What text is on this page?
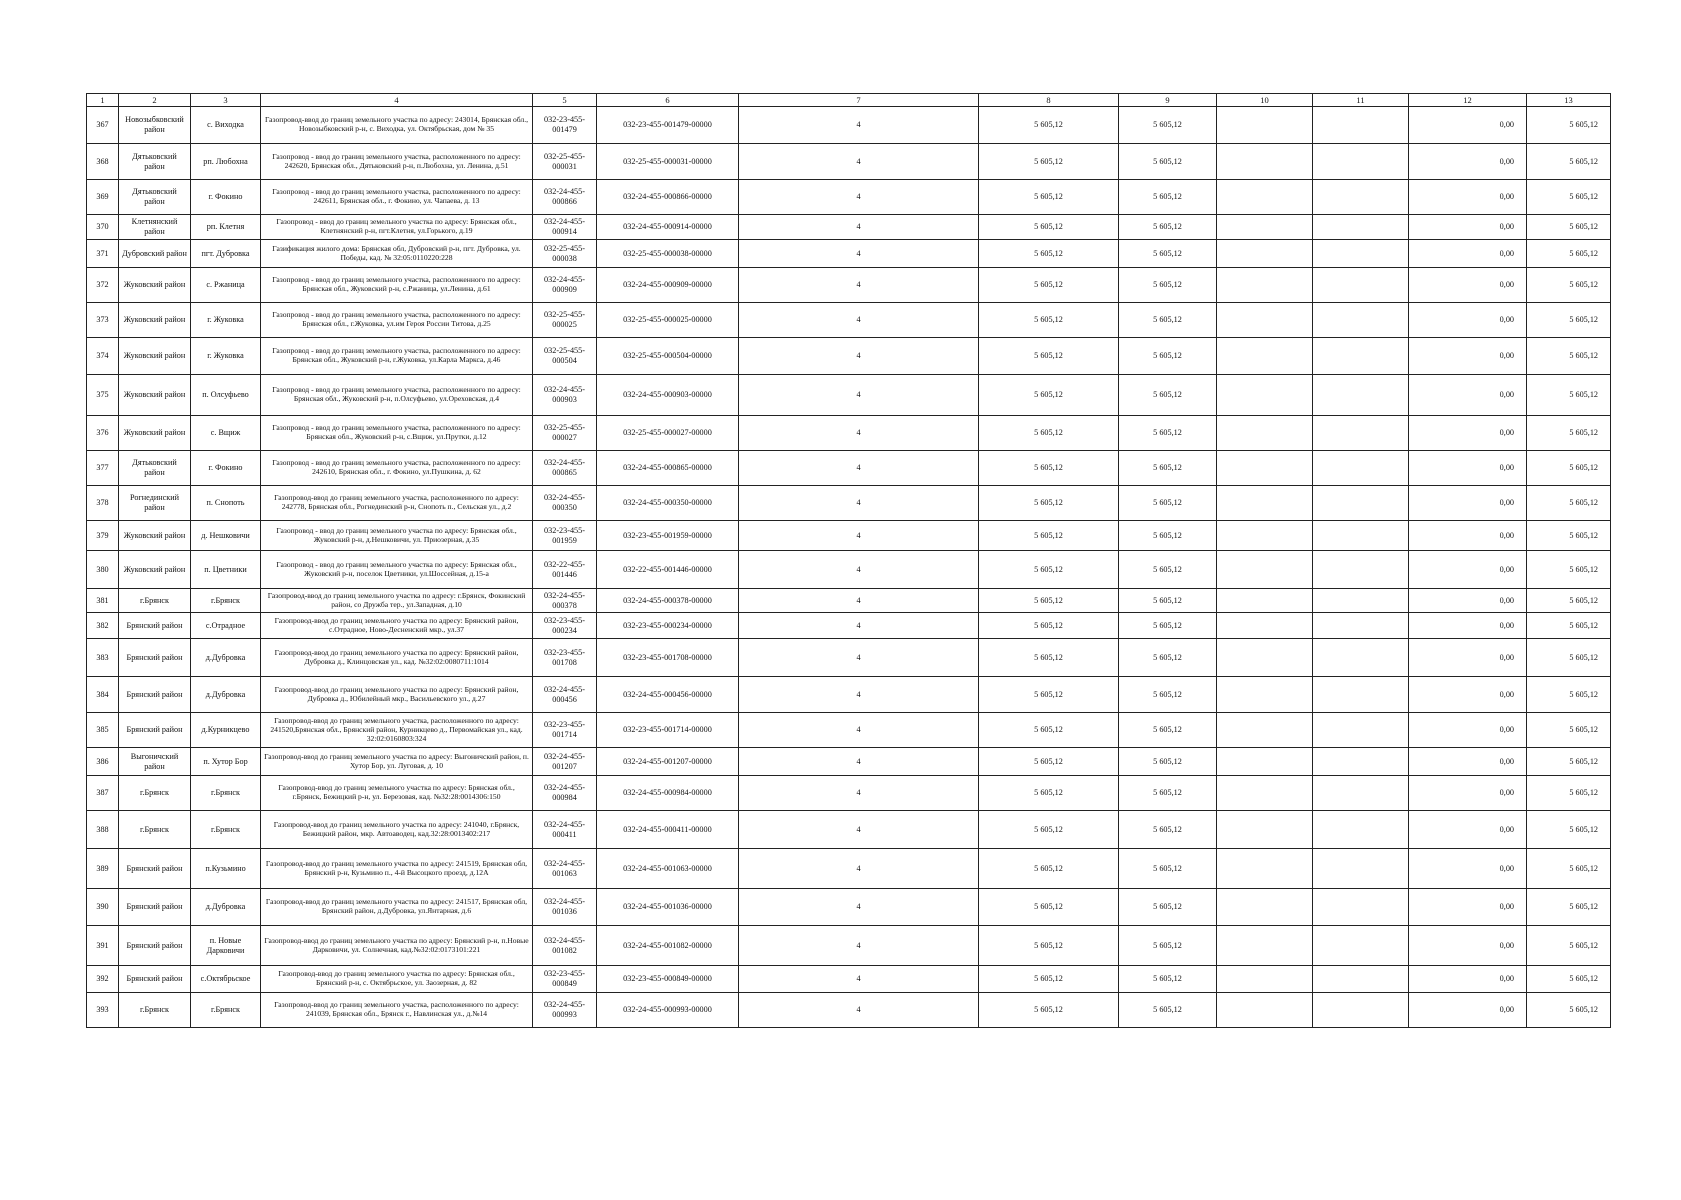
1	2	3	4	5	6	7	8	9	10	11	12	13
367	Новозыбковский район	с. Виходка	Газопровод-ввод до границ земельного участка по адресу: 243014, Брянская обл., Новозыбковский р-н, с. Виходка, ул. Октябрьская, дом № 35	032-23-455-001479	032-23-455-001479-00000	4	5 605,12	5 605,12			0,00	5 605,12
368	Дятьковский район	рп. Любохна	Газопровод - ввод до границ земельного участка, расположенного по адресу: 242620, Брянская обл., Дятьковский р-н, п.Любохна, ул. Ленина, д.51	032-25-455-000031	032-25-455-000031-00000	4	5 605,12	5 605,12			0,00	5 605,12
369	Дятьковский район	г. Фокино	Газопровод - ввод до границ земельного участка, расположенного по адресу: 242611, Брянская обл., г. Фокино, ул. Чапаева, д. 13	032-24-455-000866	032-24-455-000866-00000	4	5 605,12	5 605,12			0,00	5 605,12
370	Клетнянский район	рп. Клетня	Газопровод - ввод до границ земельного участка по адресу: Брянская обл., Клетнянский р-н, пгт.Клетня, ул.Горького, д.19	032-24-455-000914	032-24-455-000914-00000	4	5 605,12	5 605,12			0,00	5 605,12
371	Дубровский район	пгт. Дубровка	Газификация жилого дома: Брянская обл, Дубровский р-н, пгт. Дубровка, ул. Победы, кад. № 32:05:0110220:228	032-25-455-000038	032-25-455-000038-00000	4	5 605,12	5 605,12			0,00	5 605,12
372	Жуковский район	с. Ржаница	Газопровод - ввод до границ земельного участка, расположенного по адресу: Брянская обл., Жуковский р-н, с.Ржаница, ул.Ленина, д.61	032-24-455-000909	032-24-455-000909-00000	4	5 605,12	5 605,12			0,00	5 605,12
373	Жуковский район	г. Жуковка	Газопровод - ввод до границ земельного участка, расположенного по адресу: Брянская обл., г.Жуковка, ул.им Героя России Титова, д.25	032-25-455-000025	032-25-455-000025-00000	4	5 605,12	5 605,12			0,00	5 605,12
374	Жуковский район	г. Жуковка	Газопровод - ввод до границ земельного участка, расположенного по адресу: Брянская обл., Жуковский р-н, г.Жуковка, ул.Карла Маркса, д.46	032-25-455-000504	032-25-455-000504-00000	4	5 605,12	5 605,12			0,00	5 605,12
375	Жуковский район	п. Олсуфьево	Газопровод - ввод до границ земельного участка, расположенного по адресу: Брянская обл., Жуковский р-н, п.Олсуфьево, ул.Ореховская, д.4	032-24-455-000903	032-24-455-000903-00000	4	5 605,12	5 605,12			0,00	5 605,12
376	Жуковский район	с. Вщиж	Газопровод - ввод до границ земельного участка, расположенного по адресу: Брянская обл., Жуковский р-н, с.Вщиж, ул.Прутки, д.12	032-25-455-000027	032-25-455-000027-00000	4	5 605,12	5 605,12			0,00	5 605,12
377	Дятьковский район	г. Фокино	Газопровод - ввод до границ земельного участка, расположенного по адресу: 242610, Брянская обл., г. Фокино, ул.Пушкина, д. 62	032-24-455-000865	032-24-455-000865-00000	4	5 605,12	5 605,12			0,00	5 605,12
378	Рогнединский район	п. Снопоть	Газопровод-ввод до границ земельного участка, расположенного по адресу: 242778, Брянская обл., Рогнединский р-н, Снопоть п., Сельская ул., д.2	032-24-455-000350	032-24-455-000350-00000	4	5 605,12	5 605,12			0,00	5 605,12
379	Жуковский район	д. Нешковичи	Газопровод - ввод до границ земельного участка по адресу: Брянская обл., Жуковский р-н, д.Нешковичи, ул. Приозерная, д.35	032-23-455-001959	032-23-455-001959-00000	4	5 605,12	5 605,12			0,00	5 605,12
380	Жуковский район	п. Цветники	Газопровод - ввод до границ земельного участка по адресу: Брянская обл., Жуковский р-н, поселок Цветники, ул.Шоссейная, д.15-а	032-22-455-001446	032-22-455-001446-00000	4	5 605,12	5 605,12			0,00	5 605,12
381	г.Брянск	г.Брянск	Газопровод-ввод до границ земельного участка по адресу: г.Брянск, Фокинский район, со Дружба тер., ул.Западная, д.10	032-24-455-000378	032-24-455-000378-00000	4	5 605,12	5 605,12			0,00	5 605,12
382	Брянский район	с.Отрадное	Газопровод-ввод до границ земельного участка по адресу: Брянский район, с.Отрадное, Ново-Десненский мкр., ул.37	032-23-455-000234	032-23-455-000234-00000	4	5 605,12	5 605,12			0,00	5 605,12
383	Брянский район	д.Дубровка	Газопровод-ввод до границ земельного участка по адресу: Брянский район, Дубровка д., Клинцовская ул., кад. №32:02:0080711:1014	032-23-455-001708	032-23-455-001708-00000	4	5 605,12	5 605,12			0,00	5 605,12
384	Брянский район	д.Дубровка	Газопровод-ввод до границ земельного участка по адресу: Брянский район, Дубровка д., Юбилейный мкр., Васильевского ул., д.27	032-24-455-000456	032-24-455-000456-00000	4	5 605,12	5 605,12			0,00	5 605,12
385	Брянский район	д.Курникцево	Газопровод-ввод до границ земельного участка, расположенного по адресу: 241520,Брянская обл., Брянский район, Курникцево д., Первомайская ул., кад. 32:02:0160803:324	032-23-455-001714	032-23-455-001714-00000	4	5 605,12	5 605,12			0,00	5 605,12
386	Выгоничский район	п. Хутор Бор	Газопровод-ввод до границ земельного участка по адресу: Выгоничский район, п. Хутор Бор, ул. Луговая, д. 10	032-24-455-001207	032-24-455-001207-00000	4	5 605,12	5 605,12			0,00	5 605,12
387	г.Брянск	г.Брянск	Газопровод-ввод до границ земельного участка по адресу: Брянская обл., г.Брянск, Бежицкий р-н, ул. Березовая, кад. №32:28:0014306:150	032-24-455-000984	032-24-455-000984-00000	4	5 605,12	5 605,12			0,00	5 605,12
388	г.Брянск	г.Брянск	Газопровод-ввод до границ земельного участка по адресу: 241040, г.Брянск, Бежицкий район, мкр. Автоаводец, кад.32:28:0013402:217	032-24-455-000411	032-24-455-000411-00000	4	5 605,12	5 605,12			0,00	5 605,12
389	Брянский район	п.Кузьмино	Газопровод-ввод до границ земельного участка по адресу: 241519, Брянская обл, Брянский р-н, Кузьмино п., 4-й Высоцкого проезд, д.12А	032-24-455-001063	032-24-455-001063-00000	4	5 605,12	5 605,12			0,00	5 605,12
390	Брянский район	д.Дубровка	Газопровод-ввод до границ земельного участка по адресу: 241517, Брянская обл, Брянский район, д.Дубровка, ул.Янтарная, д.6	032-24-455-001036	032-24-455-001036-00000	4	5 605,12	5 605,12			0,00	5 605,12
391	Брянский район	п. Новые Дарковичи	Газопровод-ввод до границ земельного участка по адресу: Брянский р-н, п.Новые Дарковичи, ул. Солнечная, кад.№32:02:0173101:221	032-24-455-001082	032-24-455-001082-00000	4	5 605,12	5 605,12			0,00	5 605,12
392	Брянский район	с.Октябрьское	Газопровод-ввод до границ земельного участка по адресу: Брянская обл., Брянский р-н, с. Октябрьское, ул. Заозерная, д. 82	032-23-455-000849	032-23-455-000849-00000	4	5 605,12	5 605,12			0,00	5 605,12
393	г.Брянск	г.Брянск	Газопровод-ввод до границ земельного участка, расположенного по адресу: 241039, Брянская обл., Брянск г., Навлинская ул., д.№14	032-24-455-000993	032-24-455-000993-00000	4	5 605,12	5 605,12			0,00	5 605,12
